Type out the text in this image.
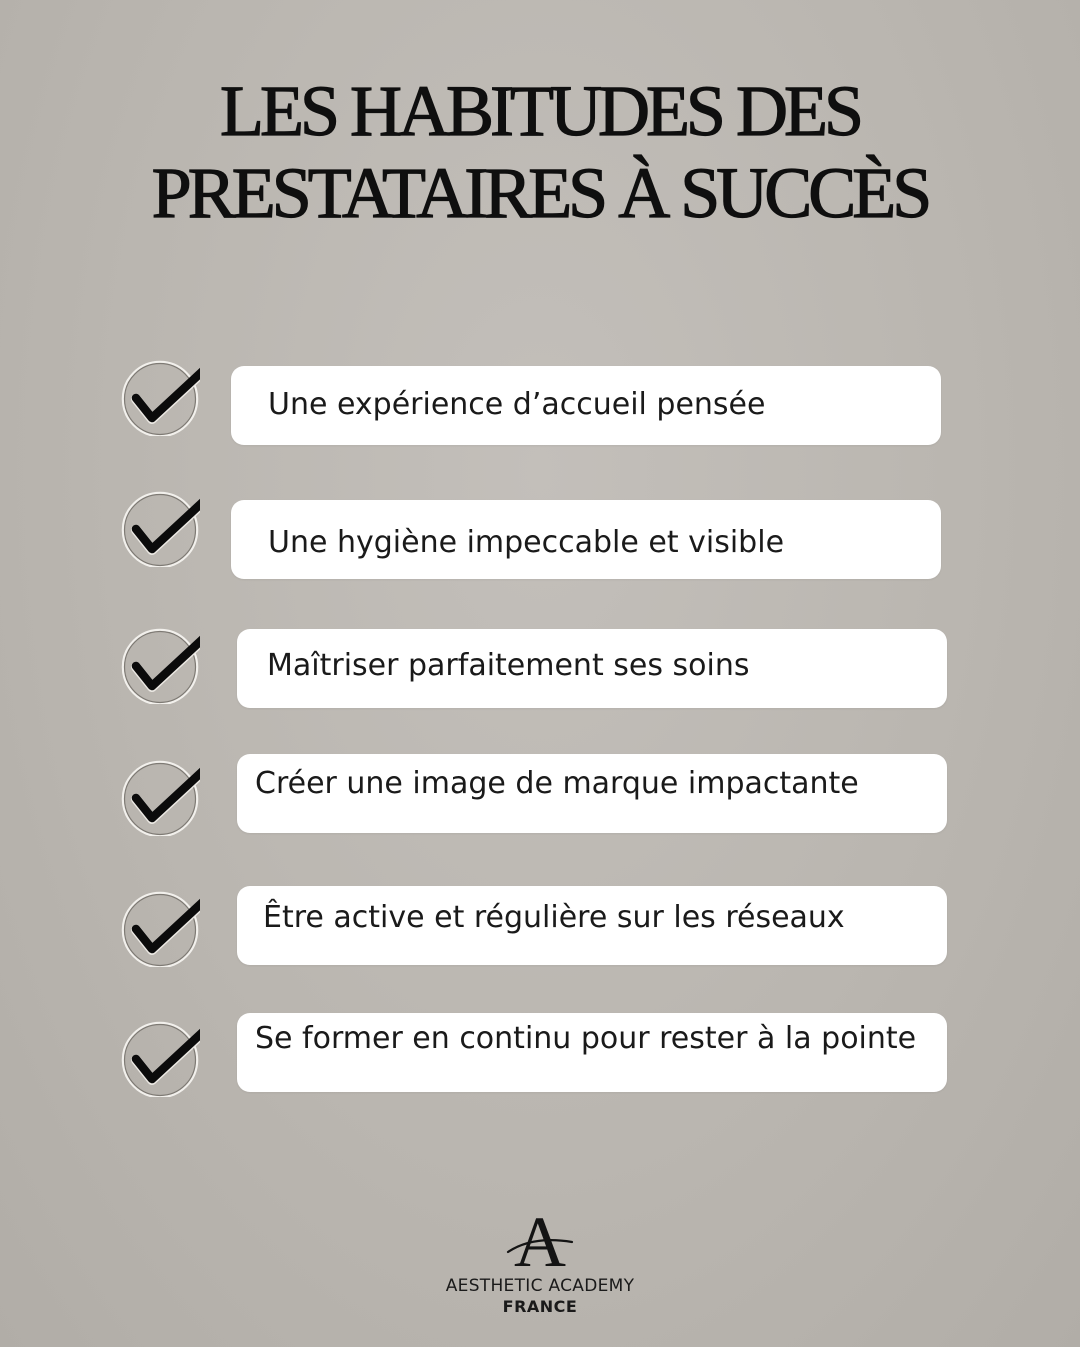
LES HABITUDES DES
PRESTATAIRES À SUCCÈS
Une expérience d’accueil pensée
Une hygiène impeccable et visible
Maîtriser parfaitement ses soins
Créer une image de marque impactante
Être active et régulière sur les réseaux
Se former en continu pour rester à la pointe
A
AESTHETIC ACADEMY
FRANCE
